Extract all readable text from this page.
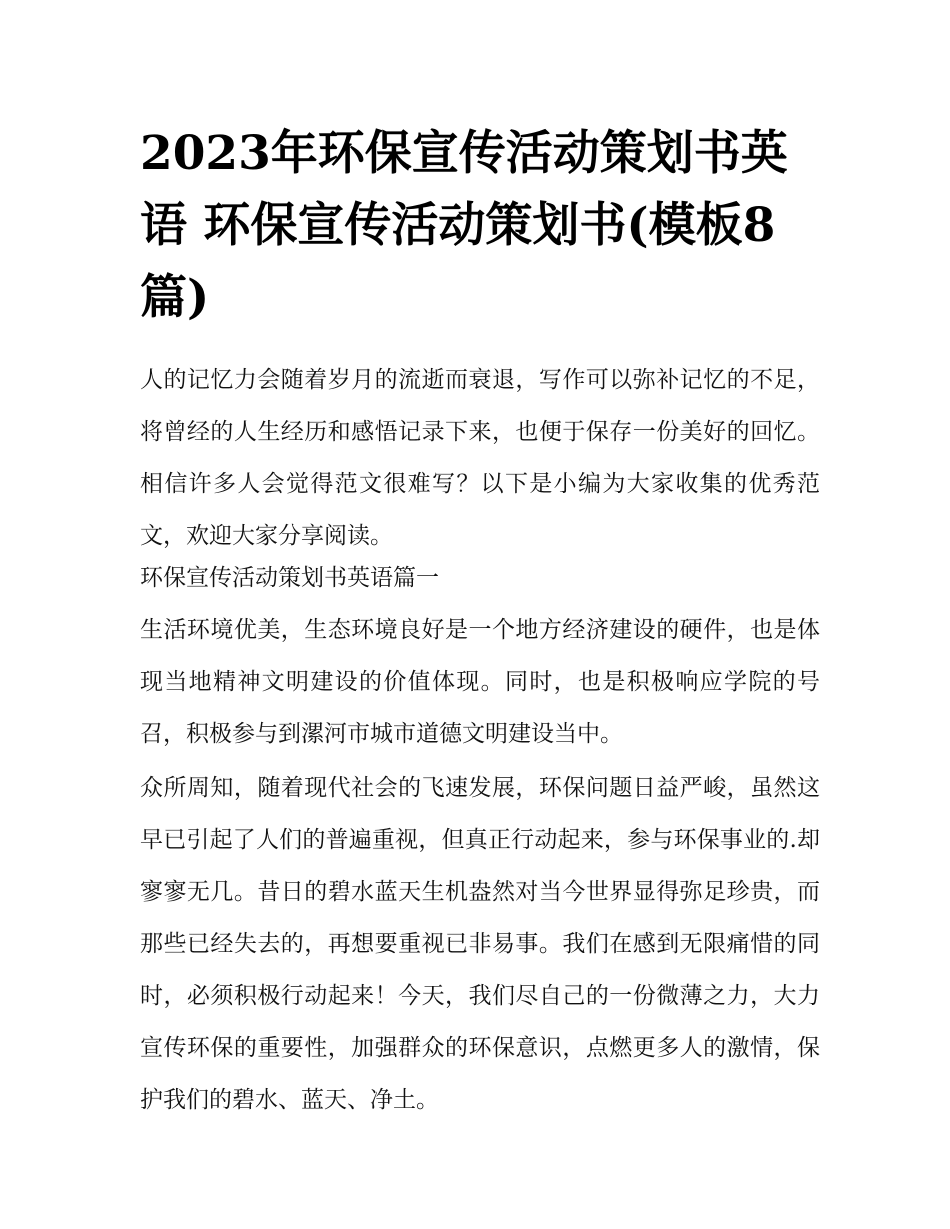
2023年环保宣传活动策划书英语 环保宣传活动策划书(模板8篇)

人的记忆力会随着岁月的流逝而衰退，写作可以弥补记忆的不足，将曾经的人生经历和感悟记录下来，也便于保存一份美好的回忆。相信许多人会觉得范文很难写？以下是小编为大家收集的优秀范文，欢迎大家分享阅读。

环保宣传活动策划书英语篇一

生活环境优美，生态环境良好是一个地方经济建设的硬件，也是体现当地精神文明建设的价值体现。同时，也是积极响应学院的号召，积极参与到漯河市城市道德文明建设当中。

众所周知，随着现代社会的飞速发展，环保问题日益严峻，虽然这早已引起了人们的普遍重视，但真正行动起来，参与环保事业的.却寥寥无几。昔日的碧水蓝天生机盎然对当今世界显得弥足珍贵，而那些已经失去的，再想要重视已非易事。我们在感到无限痛惜的同时，必须积极行动起来！今天，我们尽自己的一份微薄之力，大力宣传环保的重要性，加强群众的环保意识，点燃更多人的激情，保护我们的碧水、蓝天、净土。
